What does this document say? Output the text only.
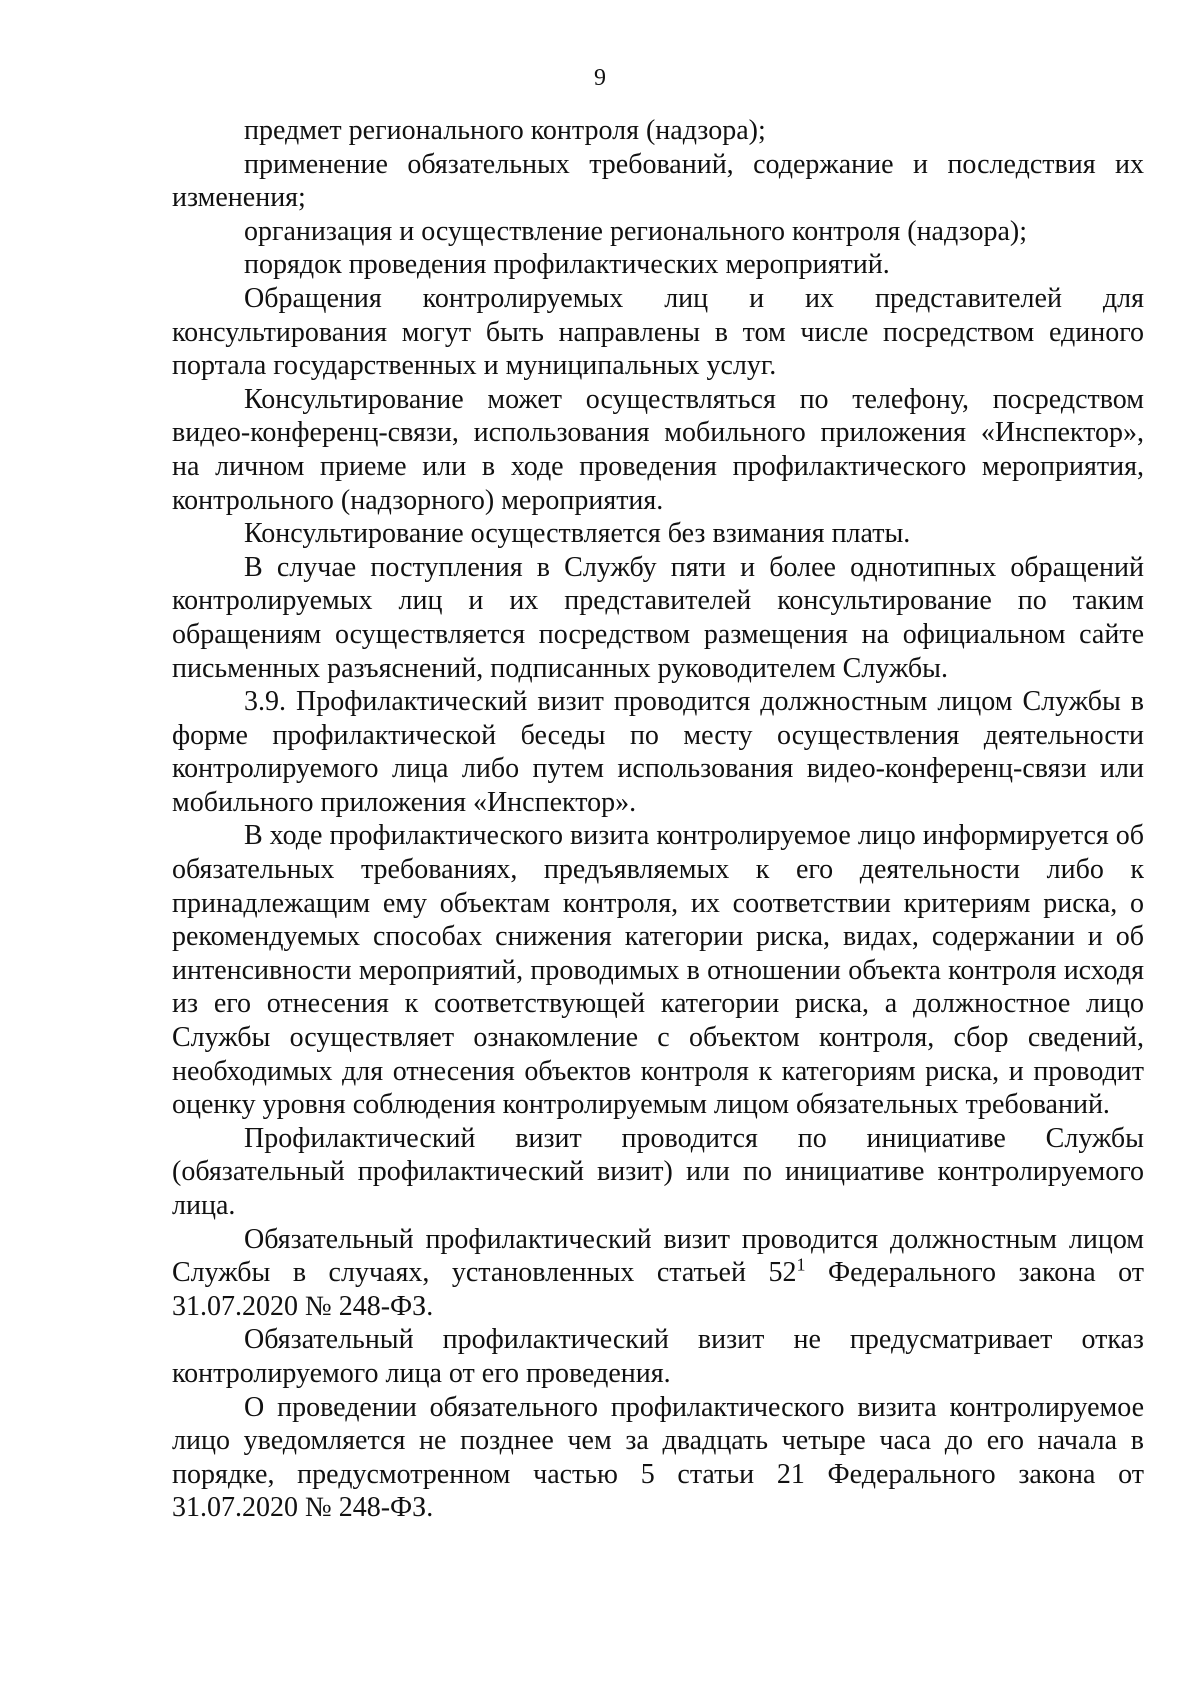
9

предмет регионального контроля (надзора);

применение обязательных требований, содержание и последствия их изменения;

организация и осуществление регионального контроля (надзора);

порядок проведения профилактических мероприятий.

Обращения контролируемых лиц и их представителей для консультирования могут быть направлены в том числе посредством единого портала государственных и муниципальных услуг.

Консультирование может осуществляться по телефону, посредством видео-конференц-связи, использования мобильного приложения «Инспектор», на личном приеме или в ходе проведения профилактического мероприятия, контрольного (надзорного) мероприятия.

Консультирование осуществляется без взимания платы.

В случае поступления в Службу пяти и более однотипных обращений контролируемых лиц и их представителей консультирование по таким обращениям осуществляется посредством размещения на официальном сайте письменных разъяснений, подписанных руководителем Службы.

3.9. Профилактический визит проводится должностным лицом Службы в форме профилактической беседы по месту осуществления деятельности контролируемого лица либо путем использования видео-конференц-связи или мобильного приложения «Инспектор».

В ходе профилактического визита контролируемое лицо информируется об обязательных требованиях, предъявляемых к его деятельности либо к принадлежащим ему объектам контроля, их соответствии критериям риска, о рекомендуемых способах снижения категории риска, видах, содержании и об интенсивности мероприятий, проводимых в отношении объекта контроля исходя из его отнесения к соответствующей категории риска, а должностное лицо Службы осуществляет ознакомление с объектом контроля, сбор сведений, необходимых для отнесения объектов контроля к категориям риска, и проводит оценку уровня соблюдения контролируемым лицом обязательных требований.

Профилактический визит проводится по инициативе Службы (обязательный профилактический визит) или по инициативе контролируемого лица.

Обязательный профилактический визит проводится должностным лицом Службы в случаях, установленных статьей $52^1$ Федерального закона от 31.07.2020 № 248-ФЗ.

Обязательный профилактический визит не предусматривает отказ контролируемого лица от его проведения.

О проведении обязательного профилактического визита контролируемое лицо уведомляется не позднее чем за двадцать четыре часа до его начала в порядке, предусмотренном частью 5 статьи 21 Федерального закона от 31.07.2020 № 248-ФЗ.
